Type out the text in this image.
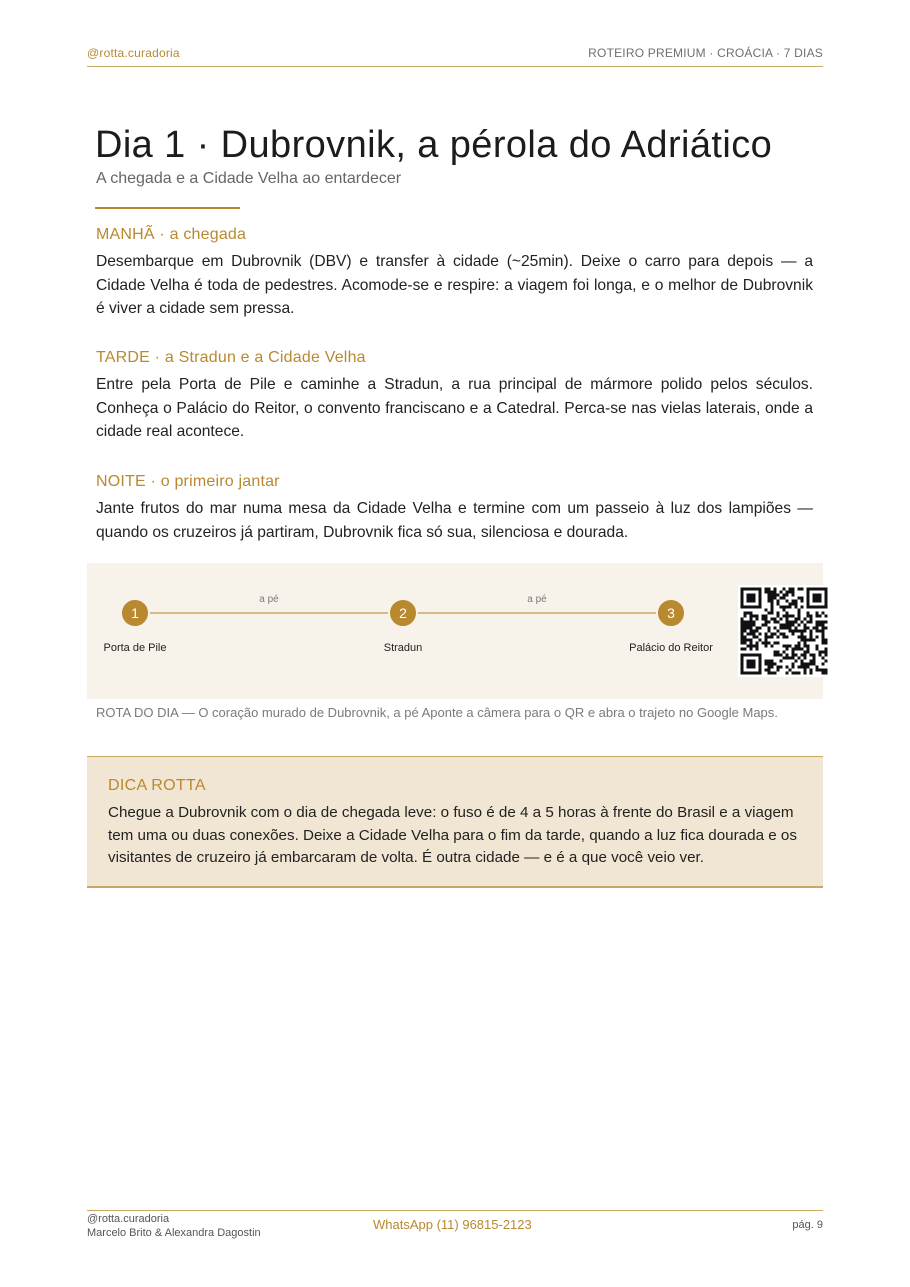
@rotta.curadoria	ROTEIRO PREMIUM · CROÁCIA · 7 DIAS
Dia 1 · Dubrovnik, a pérola do Adriático
A chegada e a Cidade Velha ao entardecer
MANHÃ · a chegada

Desembarque em Dubrovnik (DBV) e transfer à cidade (~25min). Deixe o carro para depois — a Cidade Velha é toda de pedestres. Acomode-se e respire: a viagem foi longa, e o melhor de Dubrovnik é viver a cidade sem pressa.

TARDE · a Stradun e a Cidade Velha

Entre pela Porta de Pile e caminhe a Stradun, a rua principal de mármore polido pelos séculos. Conheça o Palácio do Reitor, o convento franciscano e a Catedral. Perca-se nas vielas laterais, onde a cidade real acontece.

NOITE · o primeiro jantar

Jante frutos do mar numa mesa da Cidade Velha e termine com um passeio à luz dos lampiões — quando os cruzeiros já partiram, Dubrovnik fica só sua, silenciosa e dourada.

a pé	a pé
1
Porta de Pile
2
Stradun
3
Palácio do Reitor
ROTA DO DIA — O coração murado de Dubrovnik, a pé Aponte a câmera para o QR e abra o trajeto no Google Maps.
DICA ROTTA

Chegue a Dubrovnik com o dia de chegada leve: o fuso é de 4 a 5 horas à frente do Brasil e a viagem tem uma ou duas conexões. Deixe a Cidade Velha para o fim da tarde, quando a luz fica dourada e os visitantes de cruzeiro já embarcaram de volta. É outra cidade — e é a que você veio ver.

@rotta.curadoria
Marcelo Brito & Alexandra Dagostin
WhatsApp (11) 96815-2123	pág. 9
